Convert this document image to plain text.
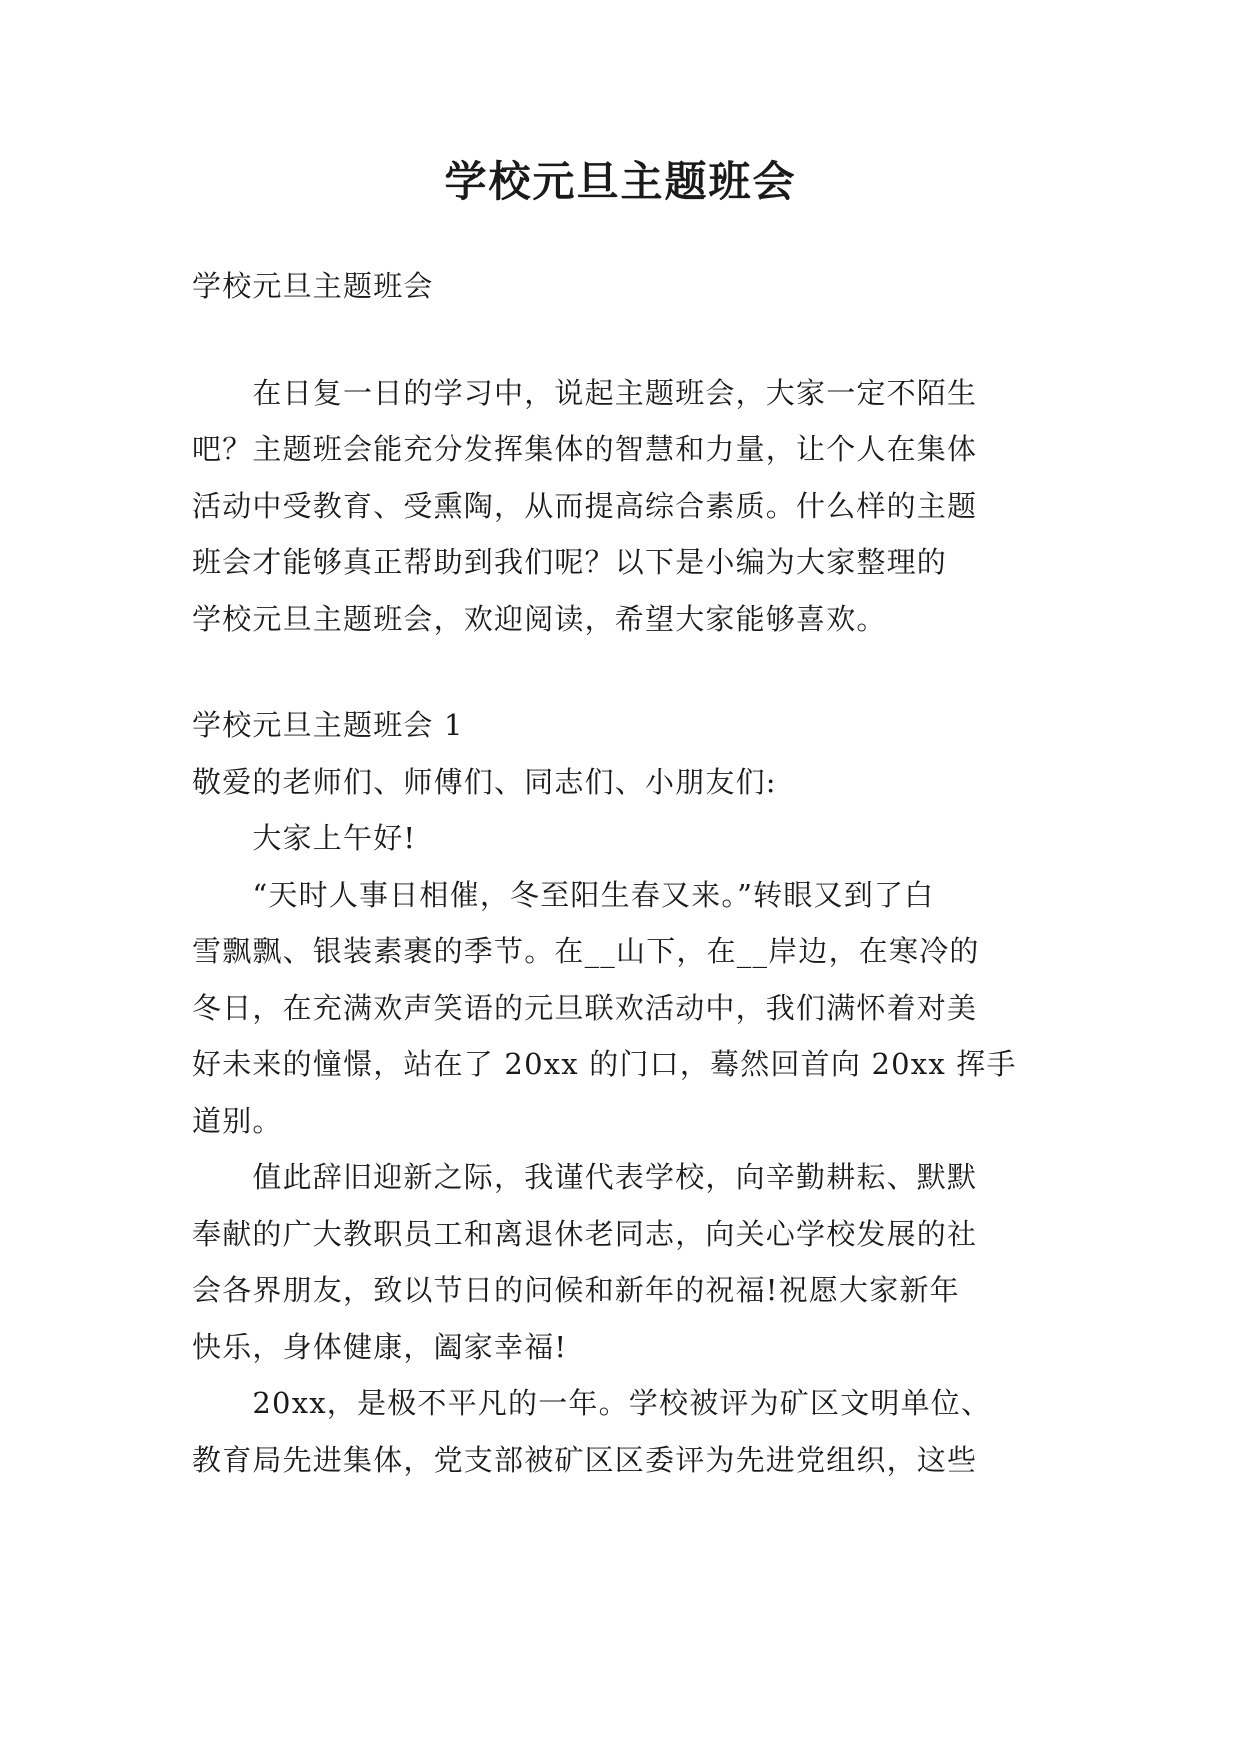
学校元旦主题班会
学校元旦主题班会
　　在日复一日的学习中，说起主题班会，大家一定不陌生
吧？主题班会能充分发挥集体的智慧和力量，让个人在集体
活动中受教育、受熏陶，从而提高综合素质。什么样的主题
班会才能够真正帮助到我们呢？以下是小编为大家整理的
学校元旦主题班会，欢迎阅读，希望大家能够喜欢。
学校元旦主题班会 1
敬爱的老师们、师傅们、同志们、小朋友们:
　　大家上午好!
　　“天时人事日相催，冬至阳生春又来。”转眼又到了白
雪飘飘、银装素裹的季节。在__山下，在__岸边，在寒冷的
冬日，在充满欢声笑语的元旦联欢活动中，我们满怀着对美
好未来的憧憬，站在了 20xx 的门口，蓦然回首向 20xx 挥手
道别。
　　值此辞旧迎新之际，我谨代表学校，向辛勤耕耘、默默
奉献的广大教职员工和离退休老同志，向关心学校发展的社
会各界朋友，致以节日的问候和新年的祝福!祝愿大家新年
快乐，身体健康，阖家幸福!
　　20xx，是极不平凡的一年。学校被评为矿区文明单位、
教育局先进集体，党支部被矿区区委评为先进党组织，这些
